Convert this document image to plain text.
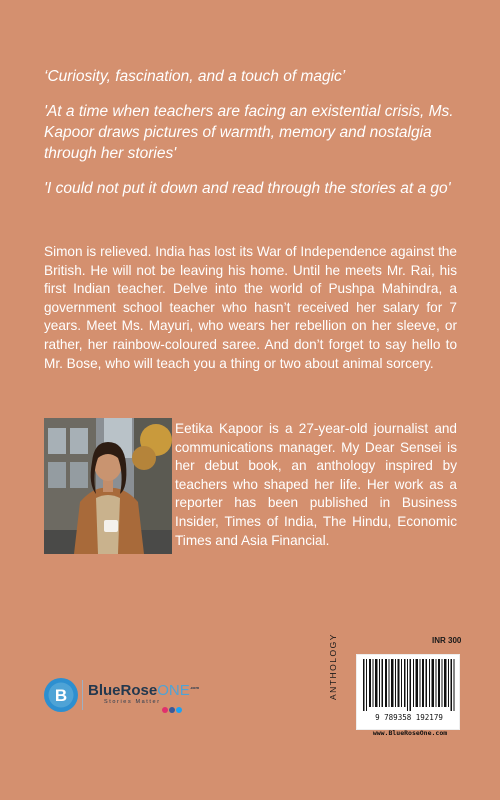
‘Curiosity, fascination, and a touch of magic’

'At a time when teachers are facing an existential crisis, Ms. Kapoor draws pictures of warmth, memory and nostalgia through her stories'

'I could not put it down and read through the stories at a go'

Simon is relieved. India has lost its War of Independence against the British. He will not be leaving his home. Until he meets Mr. Rai, his first Indian teacher. Delve into the world of Pushpa Mahindra, a government school teacher who hasn’t received her salary for 7 years. Meet Ms. Mayuri, who wears her rebellion on her sleeve, or rather, her rainbow-coloured saree. And don’t forget to say hello to Mr. Bose, who will teach you a thing or two about animal sorcery.

Eetika Kapoor is a 27-year-old journalist and communications manager. My Dear Sensei is her debut book, an anthology inspired by teachers who shaped her life. Her work as a reporter has been published in Business Insider, Times of India, The Hindu, Economic Times and Asia Financial.

INR 300
ANTHOLOGY
9 789358 192179
www.BlueRoseOne.com
B BlueRoseONE$^{.com}$
Stories Matter
